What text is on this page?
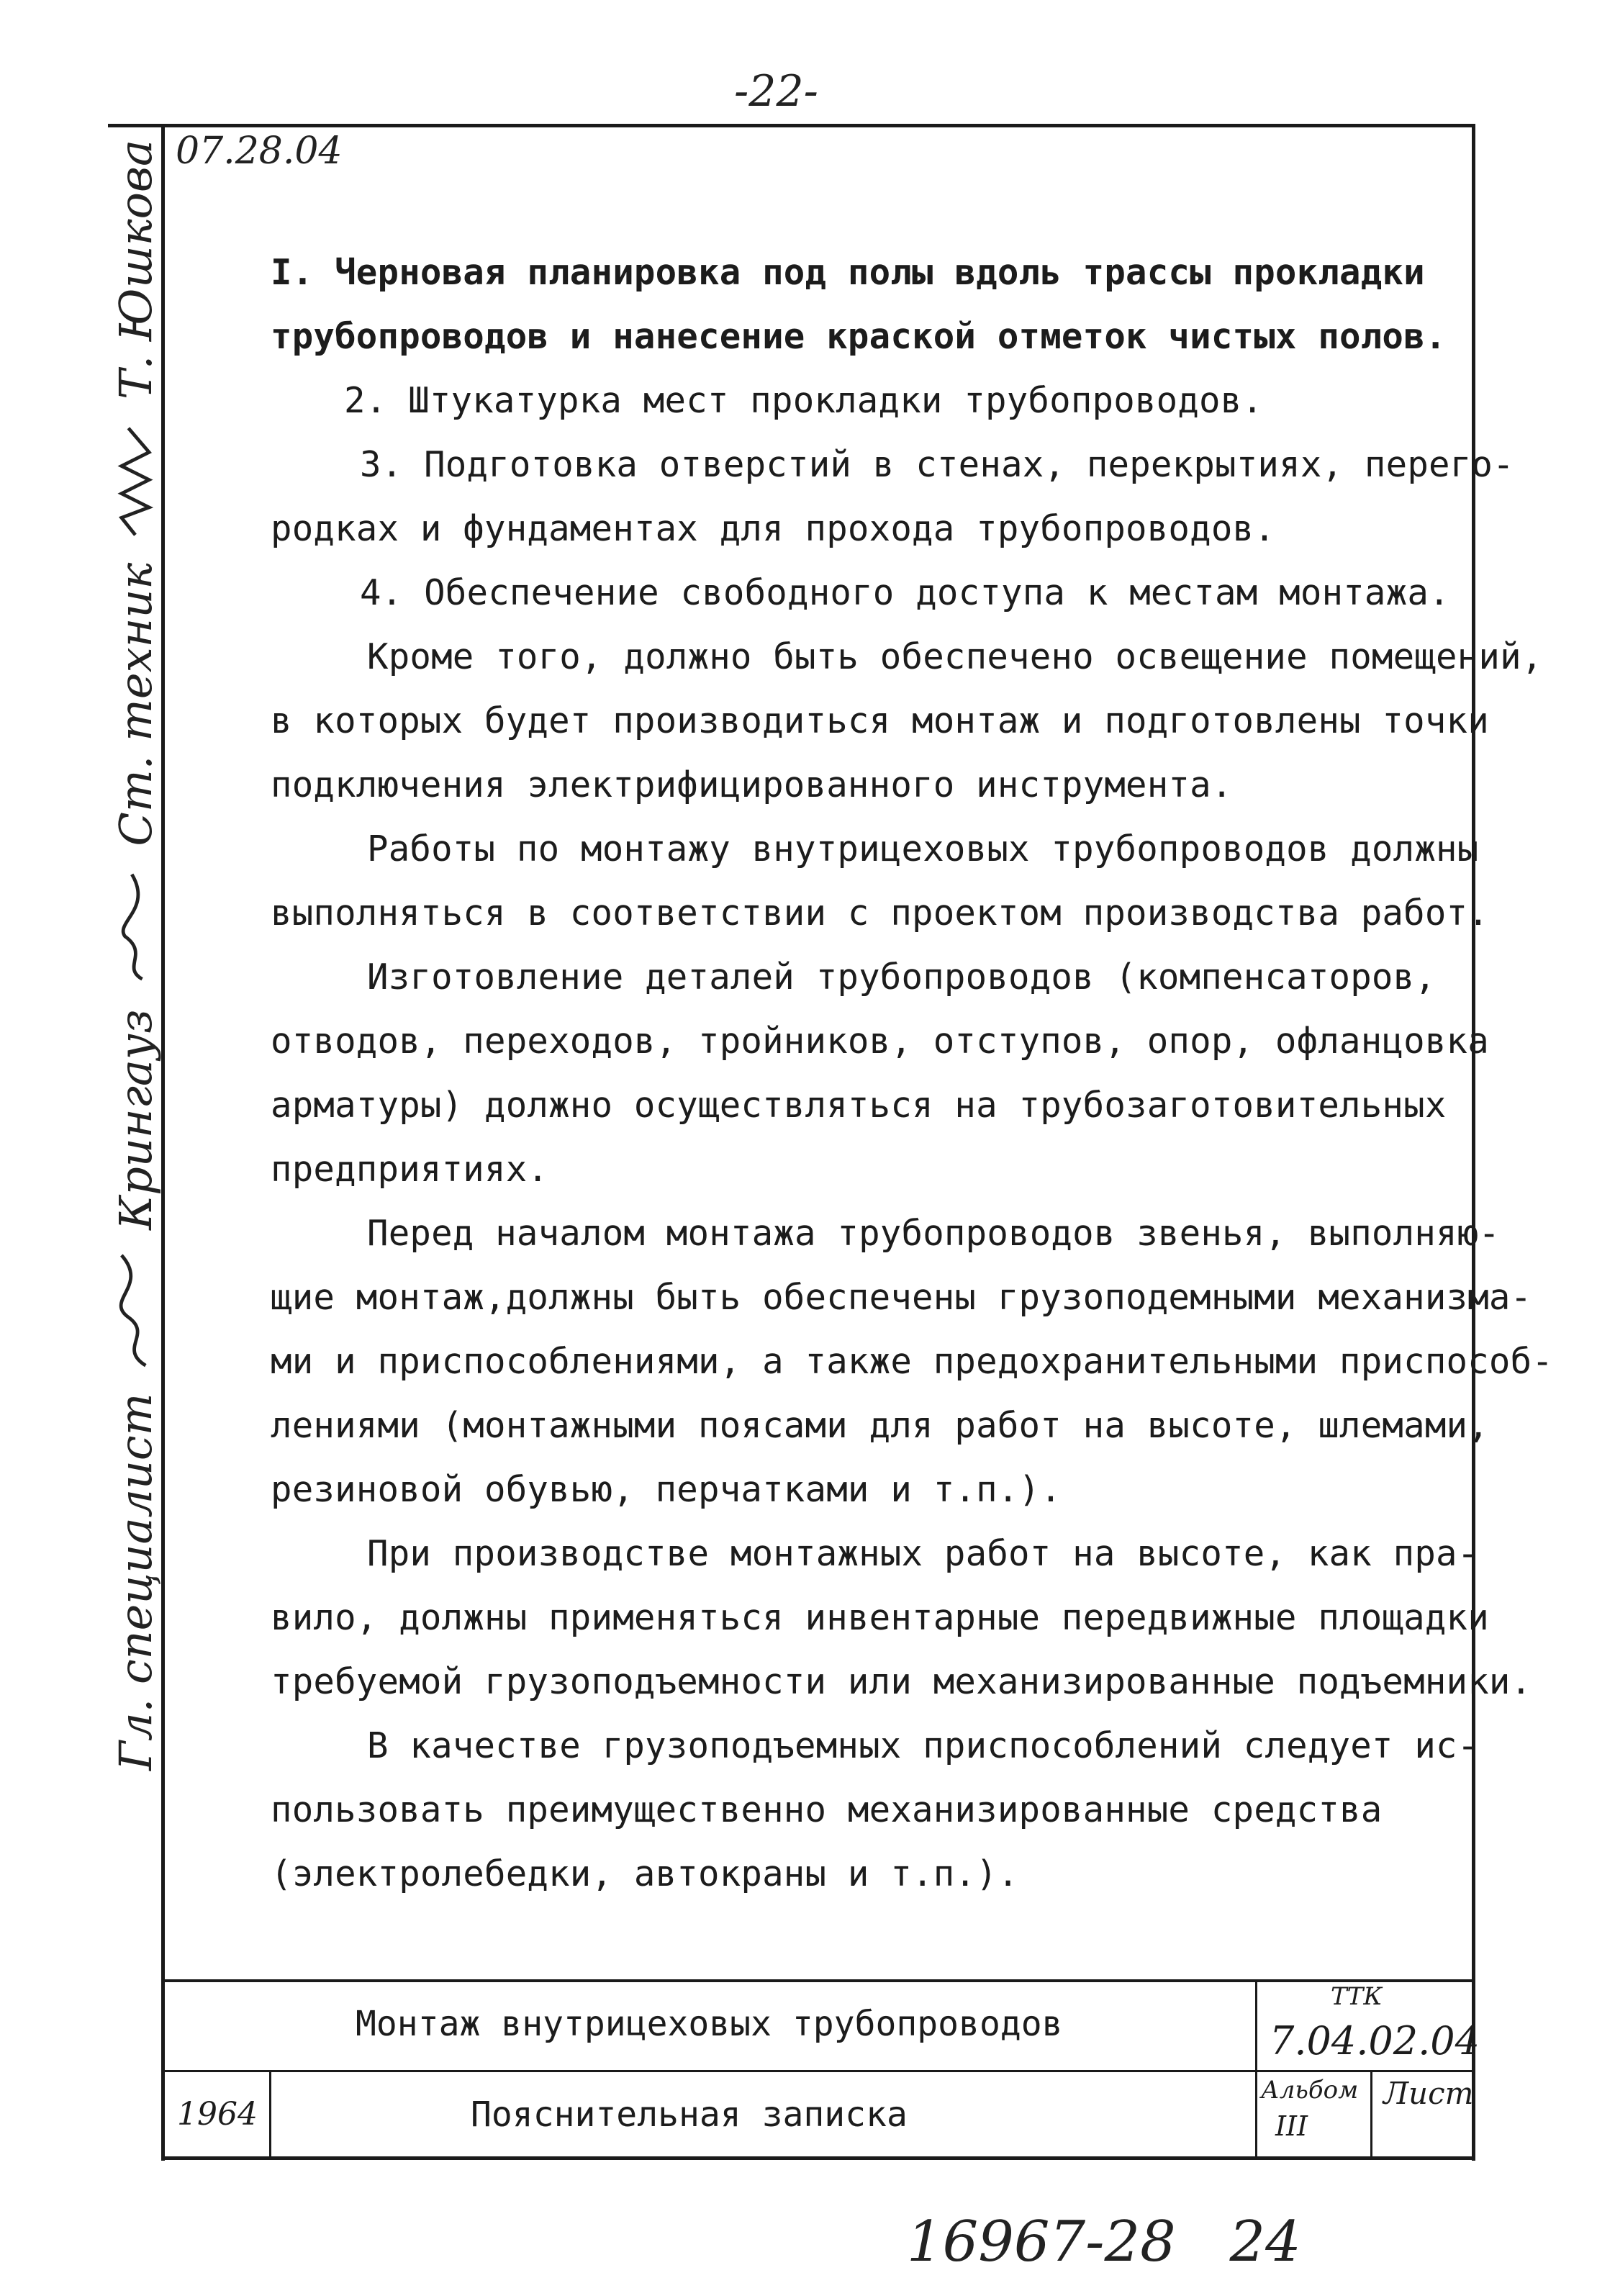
-22-
07.28.04
Гл. специалист
Крингауз
Ст. техник
Т. Юшкова	I. Черновая планировка под полы вдоль трассы прокладки
трубопроводов и нанесение краской отметок чистых полов.
2. Штукатурка мест прокладки трубопроводов.
3. Подготовка отверстий в стенах, перекрытиях, перего-
родках и фундаментах для прохода трубопроводов.
4. Обеспечение свободного доступа к местам монтажа.
Кроме того, должно быть обеспечено освещение помещений,
в которых будет производиться монтаж и подготовлены точки
подключения электрифицированного инструмента.
Работы по монтажу внутрицеховых трубопроводов должны
выполняться в соответствии с проектом производства работ.
Изготовление деталей трубопроводов (компенсаторов,
отводов, переходов, тройников, отступов, опор, офланцовка
арматуры) должно осуществляться на трубозаготовительных
предприятиях.
Перед началом монтажа трубопроводов звенья, выполняю-
щие монтаж,должны быть обеспечены грузоподемными механизма-
ми и приспособлениями, а также предохранительными приспособ-
лениями (монтажными поясами для работ на высоте, шлемами,
резиновой обувью, перчатками и т.п.).
При производстве монтажных работ на высоте, как пра-
вило, должны применяться инвентарные передвижные площадки
требуемой грузоподъемности или механизированные подъемники.
В качестве грузоподъемных приспособлений следует ис-
пользовать преимущественно механизированные средства
(электролебедки, автокраны и т.п.).
Монтаж внутрицеховых трубопроводов
Пояснительная записка
1964
ТТК
7.04.02.04
Альбом
III
Лист
16967-28 24
